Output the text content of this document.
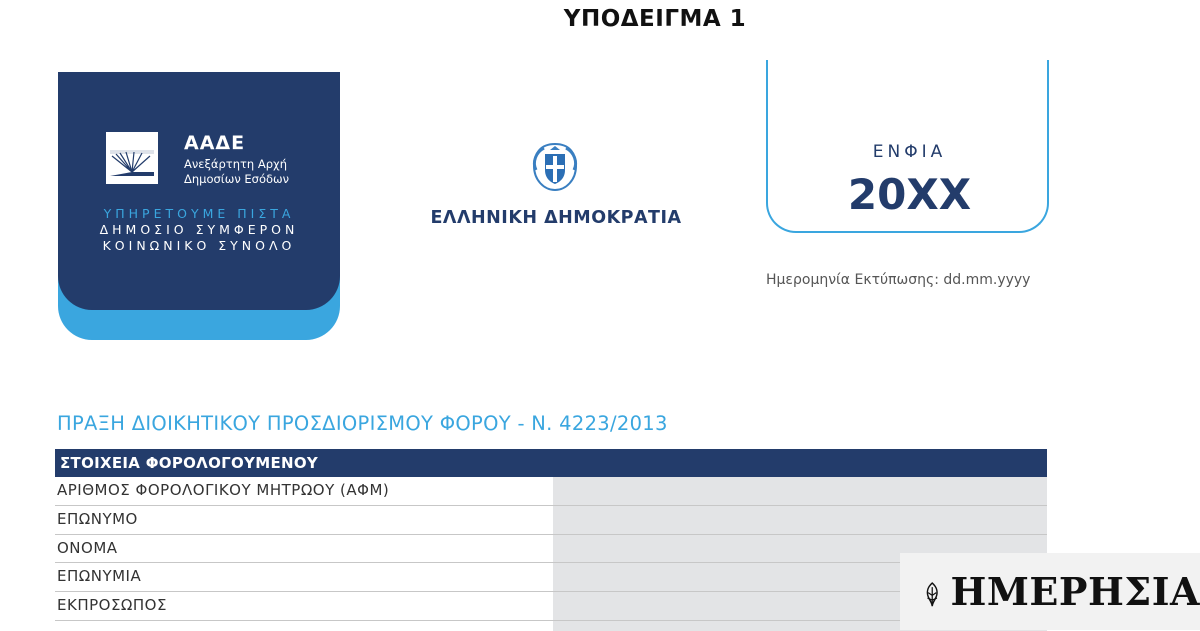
ΥΠΟΔΕΙΓΜΑ 1
ΑΑΔΕ
Ανεξάρτητη Αρχή
Δημοσίων Εσόδων
ΥΠΗΡΕΤΟΥΜΕ ΠΙΣΤΑ
ΔΗΜΟΣΙΟ ΣΥΜΦΕΡΟΝ
ΚΟΙΝΩΝΙΚΟ ΣΥΝΟΛΟ
ΕΛΛΗΝΙΚΗ ΔΗΜΟΚΡΑΤΙΑ
ΕΝΦΙΑ
20XX
Ημερομηνία Εκτύπωσης: dd.mm.yyyy
ΠΡΑΞΗ ΔΙΟΙΚΗΤΙΚΟΥ ΠΡΟΣΔΙΟΡΙΣΜΟΥ ΦΟΡΟΥ - Ν. 4223/2013
ΣΤΟΙΧΕΙΑ ΦΟΡΟΛΟΓΟΥΜΕΝΟΥ
ΑΡΙΘΜΟΣ ΦΟΡΟΛΟΓΙΚΟΥ ΜΗΤΡΩΟΥ (ΑΦΜ)
ΕΠΩΝΥΜΟ
ΟΝΟΜΑ
ΕΠΩΝΥΜΙΑ
ΕΚΠΡΟΣΩΠΟΣ	ΗΜΕΡΗΣΙΑ
